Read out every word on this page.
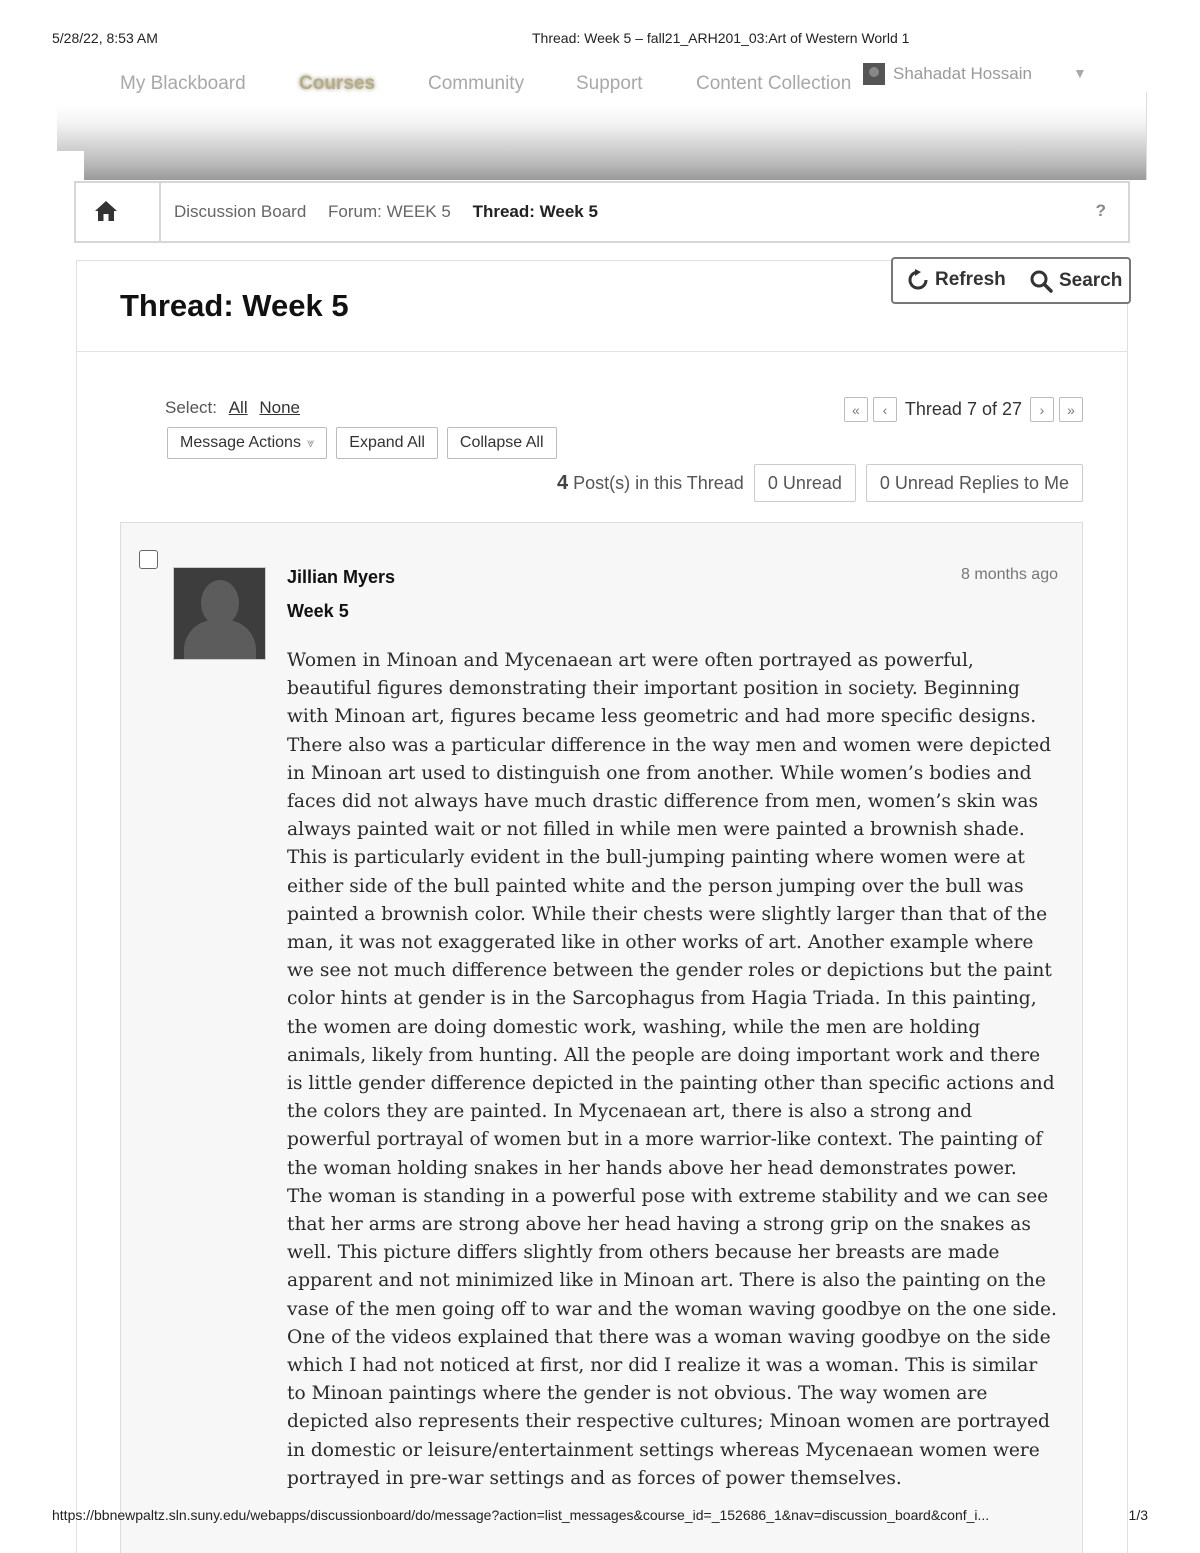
5/28/22, 8:53 AM	Thread: Week 5 – fall21_ARH201_03:Art of Western World 1
My Blackboard	Courses	Community	Support	Content Collection Shahadat Hossain	▼
Discussion Board Forum: WEEK 5 Thread: Week 5	?
Thread: Week 5
Refresh	Search
Select: All None
Message Actions ⩔	Expand All	Collapse All
«	‹ Thread 7 of 27	›	»
4 Post(s) in this Thread	0 Unread	0 Unread Replies to Me
Jillian Myers
Week 5
8 months ago
Women in Minoan and Mycenaean art were often portrayed as powerful,
beautiful figures demonstrating their important position in society. Beginning
with Minoan art, figures became less geometric and had more specific designs.
There also was a particular difference in the way men and women were depicted
in Minoan art used to distinguish one from another. While women’s bodies and
faces did not always have much drastic difference from men, women’s skin was
always painted wait or not filled in while men were painted a brownish shade.
This is particularly evident in the bull-jumping painting where women were at
either side of the bull painted white and the person jumping over the bull was
painted a brownish color. While their chests were slightly larger than that of the
man, it was not exaggerated like in other works of art. Another example where
we see not much difference between the gender roles or depictions but the paint
color hints at gender is in the Sarcophagus from Hagia Triada. In this painting,
the women are doing domestic work, washing, while the men are holding
animals, likely from hunting. All the people are doing important work and there
is little gender difference depicted in the painting other than specific actions and
the colors they are painted. In Mycenaean art, there is also a strong and
powerful portrayal of women but in a more warrior-like context. The painting of
the woman holding snakes in her hands above her head demonstrates power.
The woman is standing in a powerful pose with extreme stability and we can see
that her arms are strong above her head having a strong grip on the snakes as
well. This picture differs slightly from others because her breasts are made
apparent and not minimized like in Minoan art. There is also the painting on the
vase of the men going off to war and the woman waving goodbye on the one side.
One of the videos explained that there was a woman waving goodbye on the side
which I had not noticed at first, nor did I realize it was a woman. This is similar
to Minoan paintings where the gender is not obvious. The way women are
depicted also represents their respective cultures; Minoan women are portrayed
in domestic or leisure/entertainment settings whereas Mycenaean women were
portrayed in pre-war settings and as forces of power themselves.
https://bbnewpaltz.sln.suny.edu/webapps/discussionboard/do/message?action=list_messages&course_id=_152686_1&nav=discussion_board&conf_i...	1/3
